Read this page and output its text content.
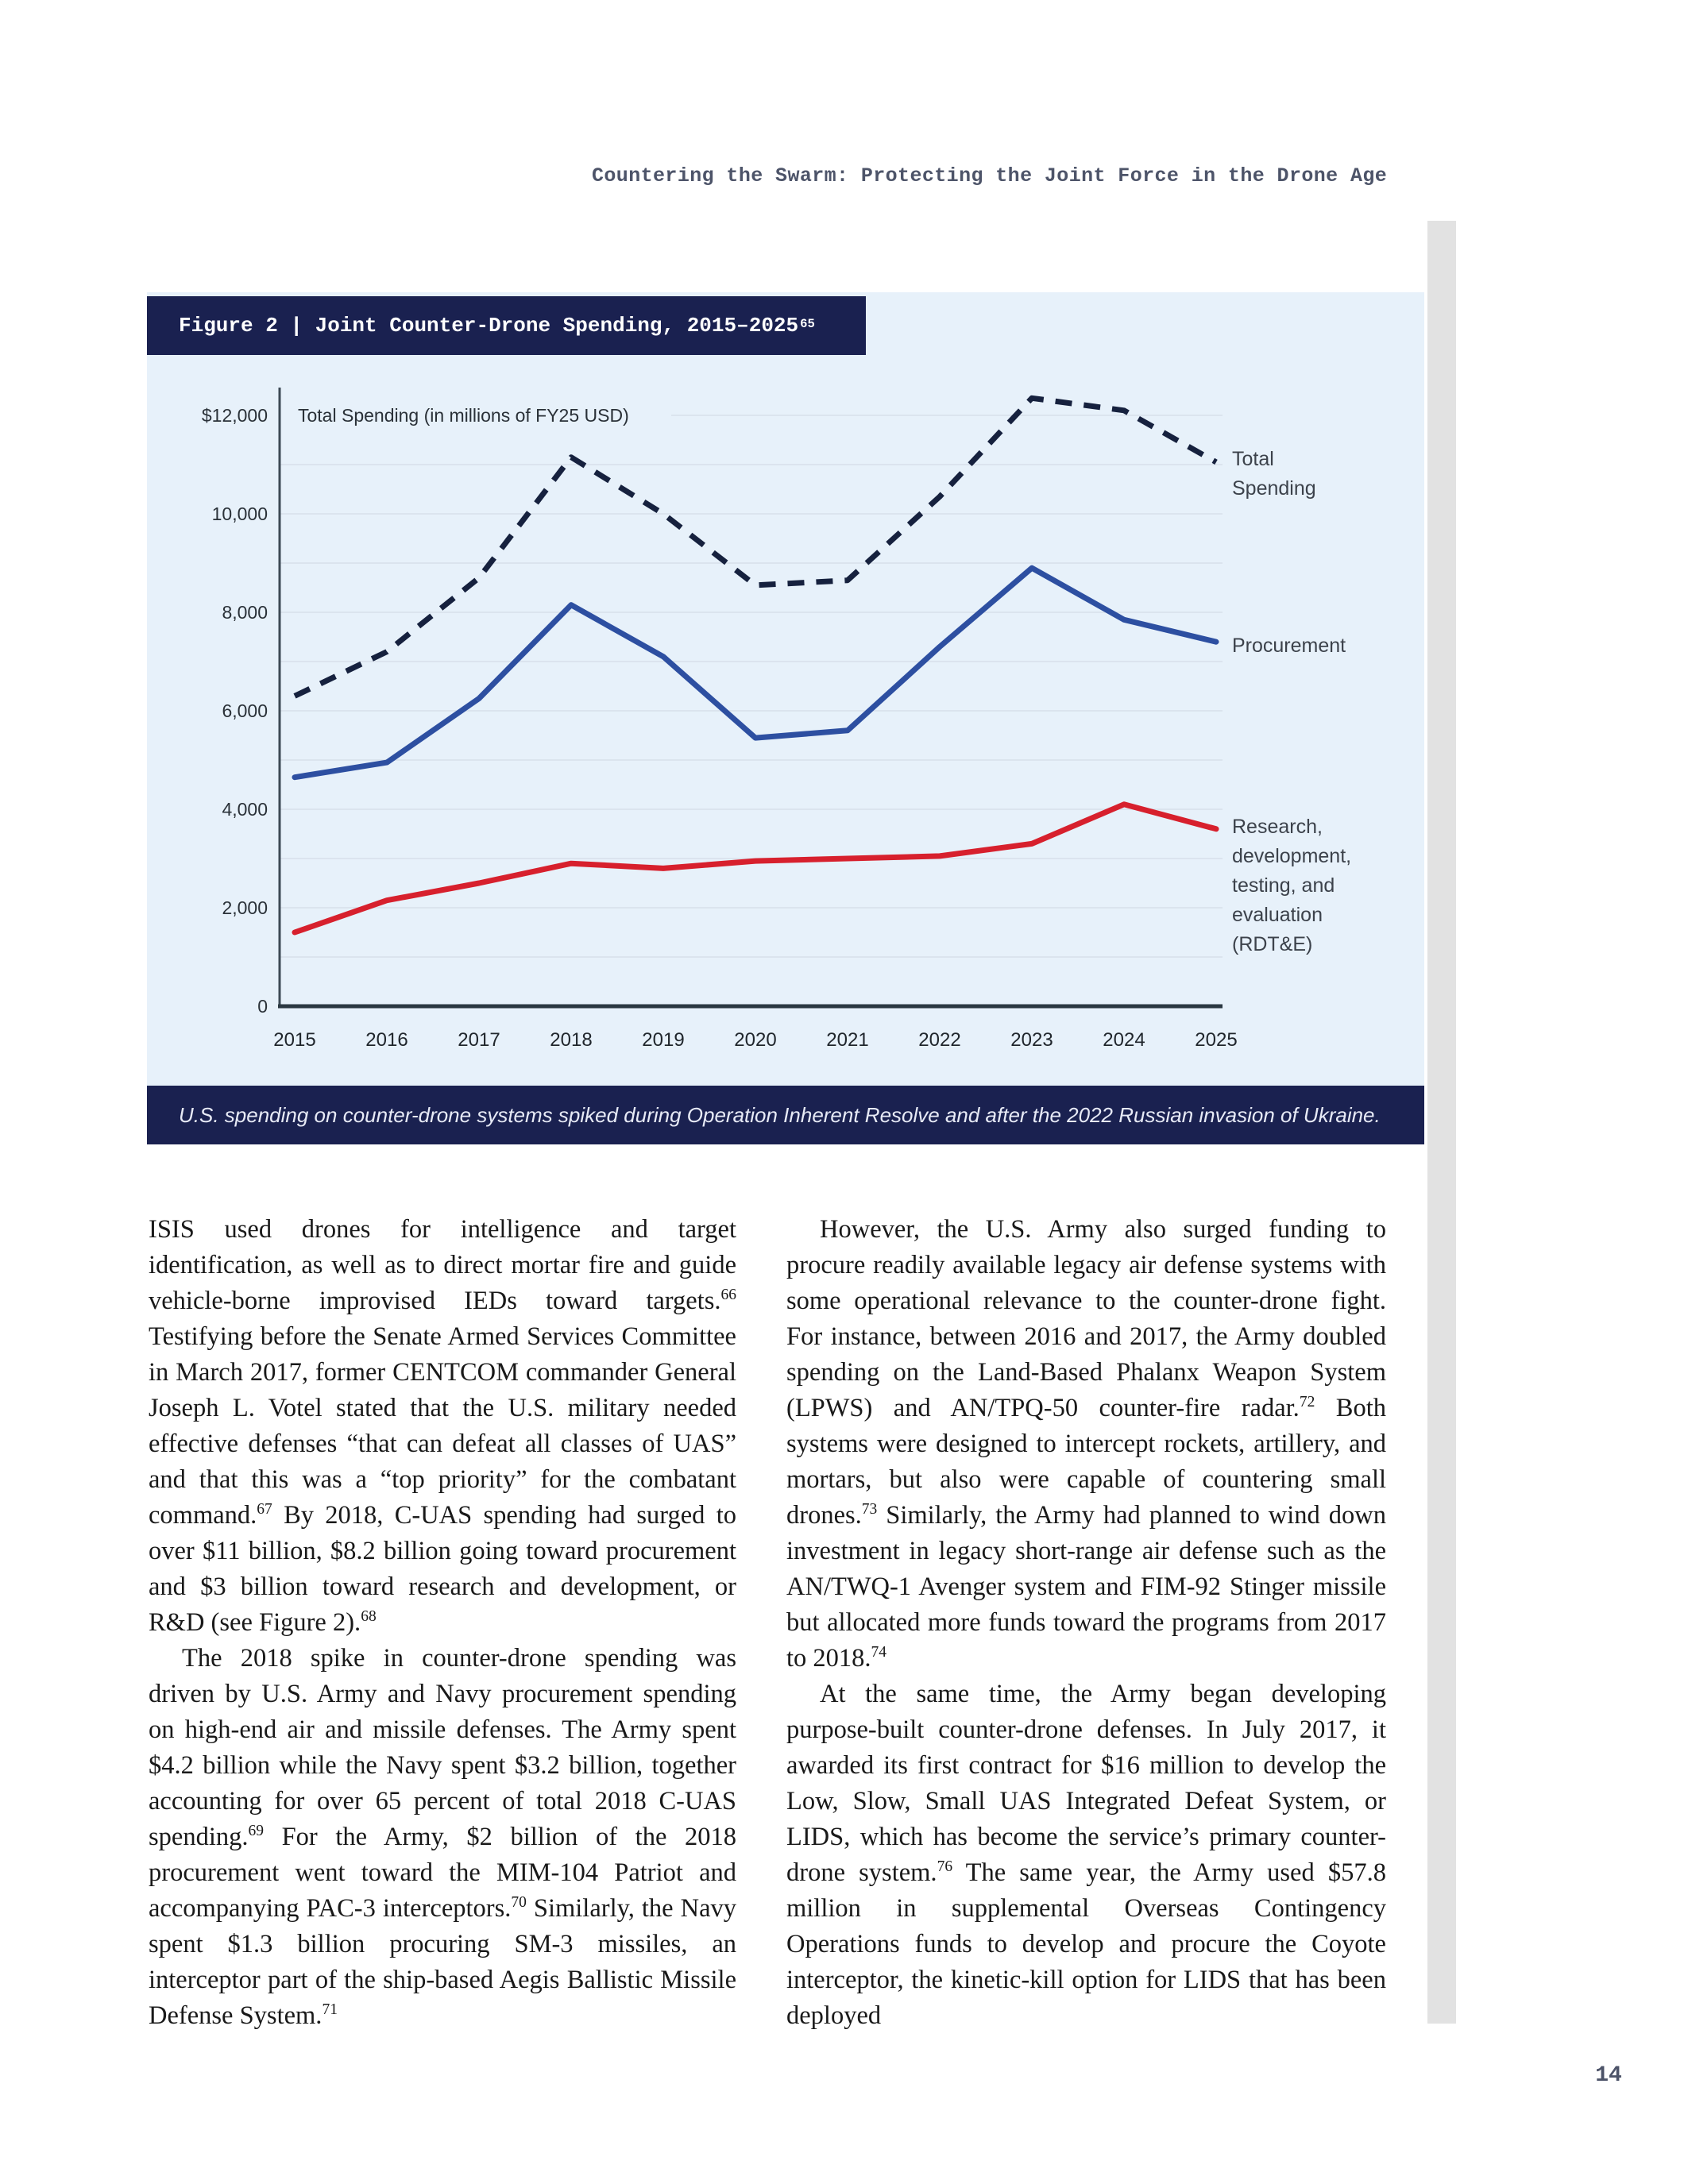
Countering the Swarm: Protecting the Joint Force in the Drone Age
$12,000
10,000
8,000
6,000
4,000
2,000
0
Total Spending (in millions of FY25 USD)
2015	2016	2017	2018	2019	2020	2021	2022	2023	2024	2025
Total
Spending
Procurement
Research,
development,
testing, and
evaluation
(RDT&E)
Figure 2 | Joint Counter-Drone Spending, 2015–2025$^{65}$
U.S. spending on counter-drone systems spiked during Operation Inherent Resolve and after the 2022 Russian invasion of Ukraine.

ISIS used drones for intelligence and target identification, as well as to direct mortar fire and guide vehicle-borne improvised IEDs toward targets.$^{66}$ Testifying before the Senate Armed Services Committee in March 2017, former CENTCOM commander General Joseph L. Votel stated that the U.S. military needed effective defenses “that can defeat all classes of UAS” and that this was a “top priority” for the combatant command.$^{67}$ By 2018, C-UAS spending had surged to over $11 billion, $8.2 billion going toward procurement and $3 billion toward research and development, or R&D (see Figure 2).$^{68}$

The 2018 spike in counter-drone spending was driven by U.S. Army and Navy procurement spending on high-end air and missile defenses. The Army spent $4.2 billion while the Navy spent $3.2 billion, together accounting for over 65 percent of total 2018 C-UAS spending.$^{69}$ For the Army, $2 billion of the 2018 procurement went toward the MIM-104 Patriot and accompanying PAC-3 interceptors.$^{70}$ Similarly, the Navy spent $1.3 billion procuring SM-3 missiles, an interceptor part of the ship-based Aegis Ballistic Missile Defense System.$^{71}$

However, the U.S. Army also surged funding to procure readily available legacy air defense systems with some operational relevance to the counter-drone fight. For instance, between 2016 and 2017, the Army doubled spending on the Land-Based Phalanx Weapon System (LPWS) and AN/TPQ-50 counter-fire radar.$^{72}$ Both systems were designed to intercept rockets, artillery, and mortars, but also were capable of countering small drones.$^{73}$ Similarly, the Army had planned to wind down investment in legacy short-range air defense such as the AN/TWQ-1 Avenger system and FIM-92 Stinger missile but allocated more funds toward the programs from 2017 to 2018.74

At the same time, the Army began developing purpose-built counter-drone defenses. In July 2017, it awarded its first contract for $16 million to develop the Low, Slow, Small UAS Integrated Defeat System, or LIDS, which has become the service’s primary counter-drone system.$^{76}$ The same year, the Army used $57.8 million in supplemental Overseas Contingency Operations funds to develop and procure the Coyote interceptor, the kinetic-kill option for LIDS that has been deployed

14
